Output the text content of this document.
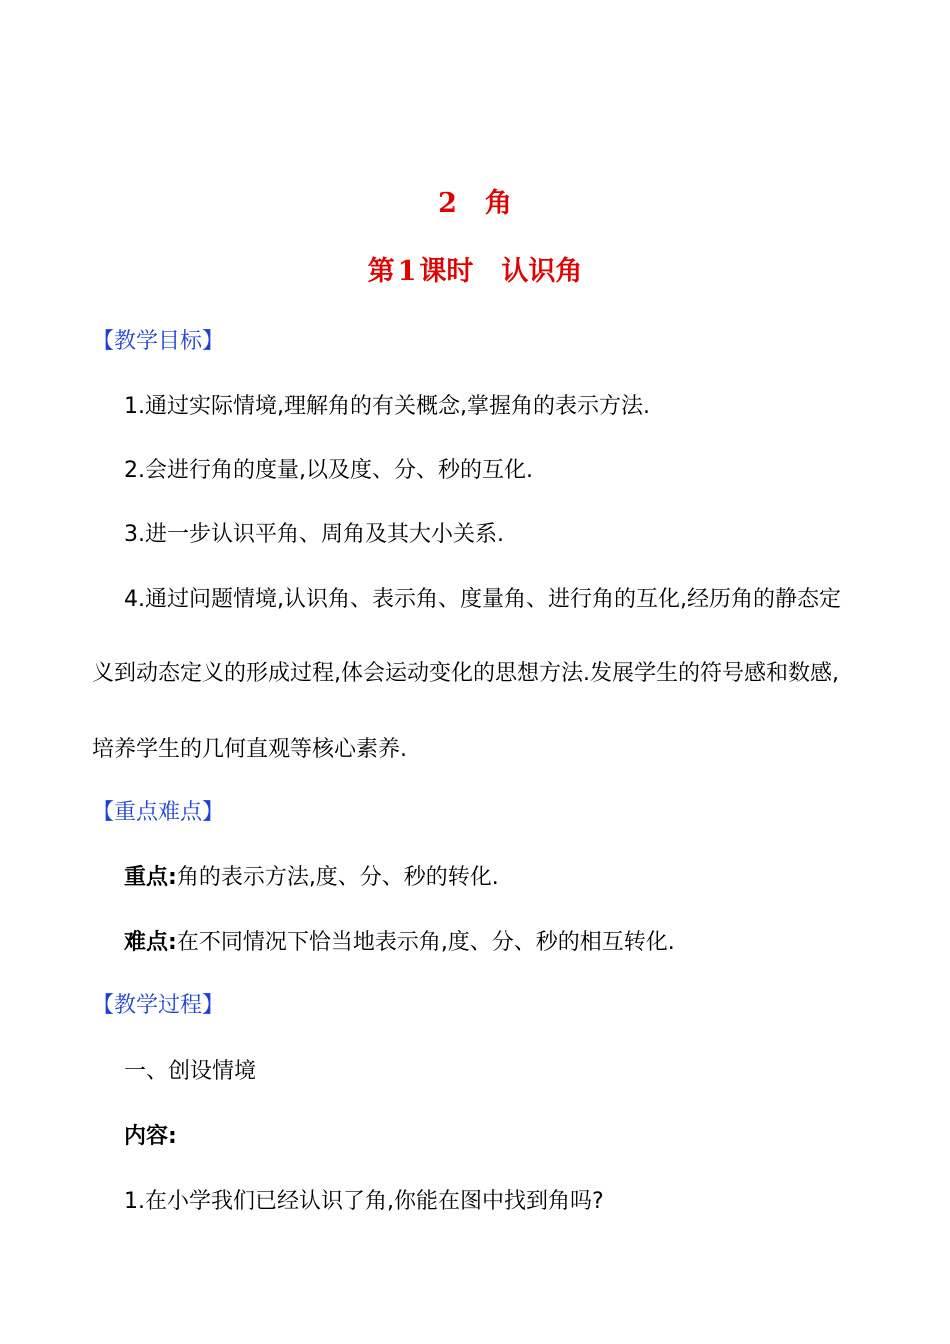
2 角
第 1 课时 认识角
【教学目标】
1.通过实际情境,理解角的有关概念,掌握角的表示方法.
2.会进行角的度量,以及度、分、秒的互化.
3.进一步认识平角、周角及其大小关系.
4.通过问题情境,认识角、表示角、度量角、进行角的互化,经历角的静态定
义到动态定义的形成过程,体会运动变化的思想方法.发展学生的符号感和数感,
培养学生的几何直观等核心素养.
【重点难点】
重点:角的表示方法,度、分、秒的转化.
难点:在不同情况下恰当地表示角,度、分、秒的相互转化.
【教学过程】
一、创设情境
内容:
1.在小学我们已经认识了角,你能在图中找到角吗?
